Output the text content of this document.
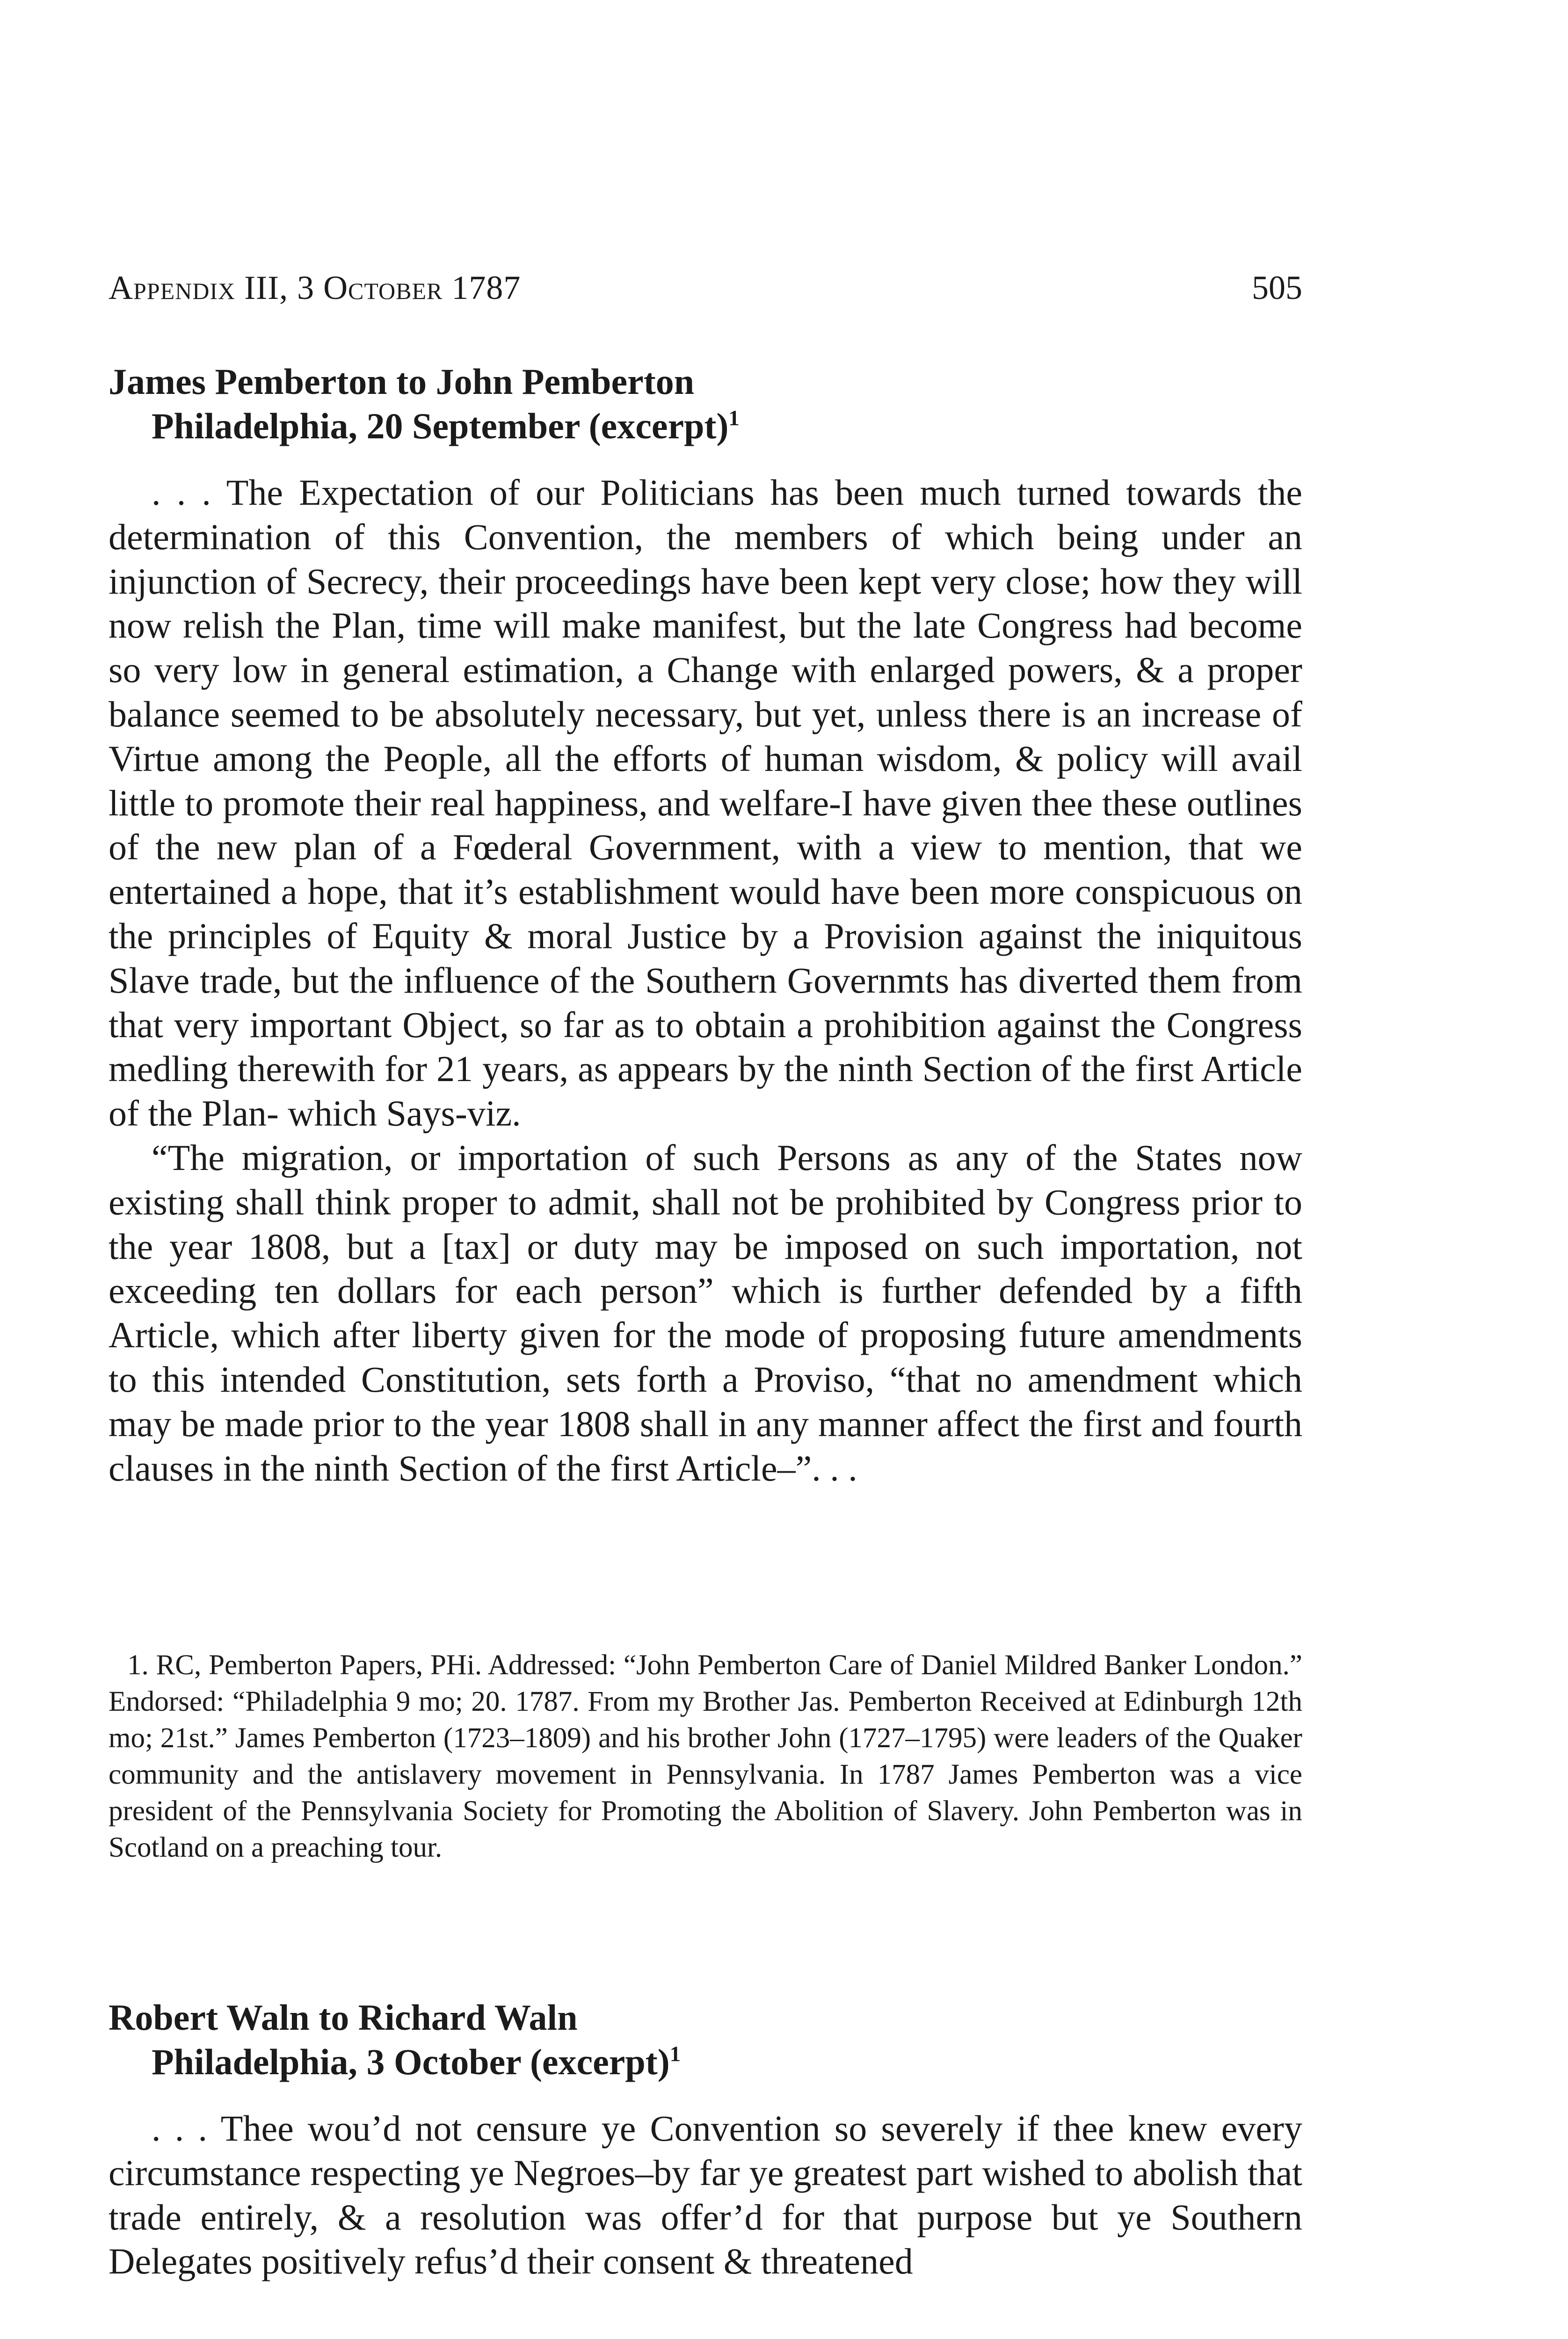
Appendix III, 3 October 1787	505
James Pemberton to John Pemberton
Philadelphia, 20 September (excerpt)$^1$

. . . The Expectation of our Politicians has been much turned towards the determination of this Convention, the members of which being under an injunction of Secrecy, their proceedings have been kept very close; how they will now relish the Plan, time will make manifest, but the late Congress had become so very low in general estimation, a Change with enlarged powers, & a proper balance seemed to be absolutely necessary, but yet, unless there is an increase of Virtue among the People, all the efforts of human wisdom, & policy will avail little to promote their real happiness, and welfare-I have given thee these outlines of the new plan of a Fœderal Government, with a view to mention, that we entertained a hope, that it’s establishment would have been more conspicuous on the principles of Equity & moral Justice by a Provision against the iniquitous Slave trade, but the influence of the Southern Governmts has diverted them from that very important Object, so far as to obtain a prohibition against the Congress medling therewith for 21 years, as appears by the ninth Section of the first Article of the Plan- which Says-viz.

“The migration, or importation of such Persons as any of the States now existing shall think proper to admit, shall not be prohibited by Congress prior to the year 1808, but a [tax] or duty may be imposed on such importation, not exceeding ten dollars for each person” which is further defended by a fifth Article, which after liberty given for the mode of proposing future amendments to this intended Constitution, sets forth a Proviso, “that no amendment which may be made prior to the year 1808 shall in any manner affect the first and fourth clauses in the ninth Section of the first Article–”. . .

1. RC, Pemberton Papers, PHi. Addressed: “John Pemberton Care of Daniel Mildred Banker London.” Endorsed: “Philadelphia 9 mo; 20. 1787. From my Brother Jas. Pemberton Received at Edinburgh 12th mo; 21st.” James Pemberton (1723–1809) and his brother John (1727–1795) were leaders of the Quaker community and the antislavery movement in Pennsylvania. In 1787 James Pemberton was a vice president of the Pennsylvania Society for Promoting the Abolition of Slavery. John Pemberton was in Scotland on a preaching tour.
Robert Waln to Richard Waln
Philadelphia, 3 October (excerpt)$^1$

. . . Thee wou’d not censure ye Convention so severely if thee knew every circumstance respecting ye Negroes–by far ye greatest part wished to abolish that trade entirely, & a resolution was offer’d for that purpose but ye Southern Delegates positively refus’d their consent & threatened
